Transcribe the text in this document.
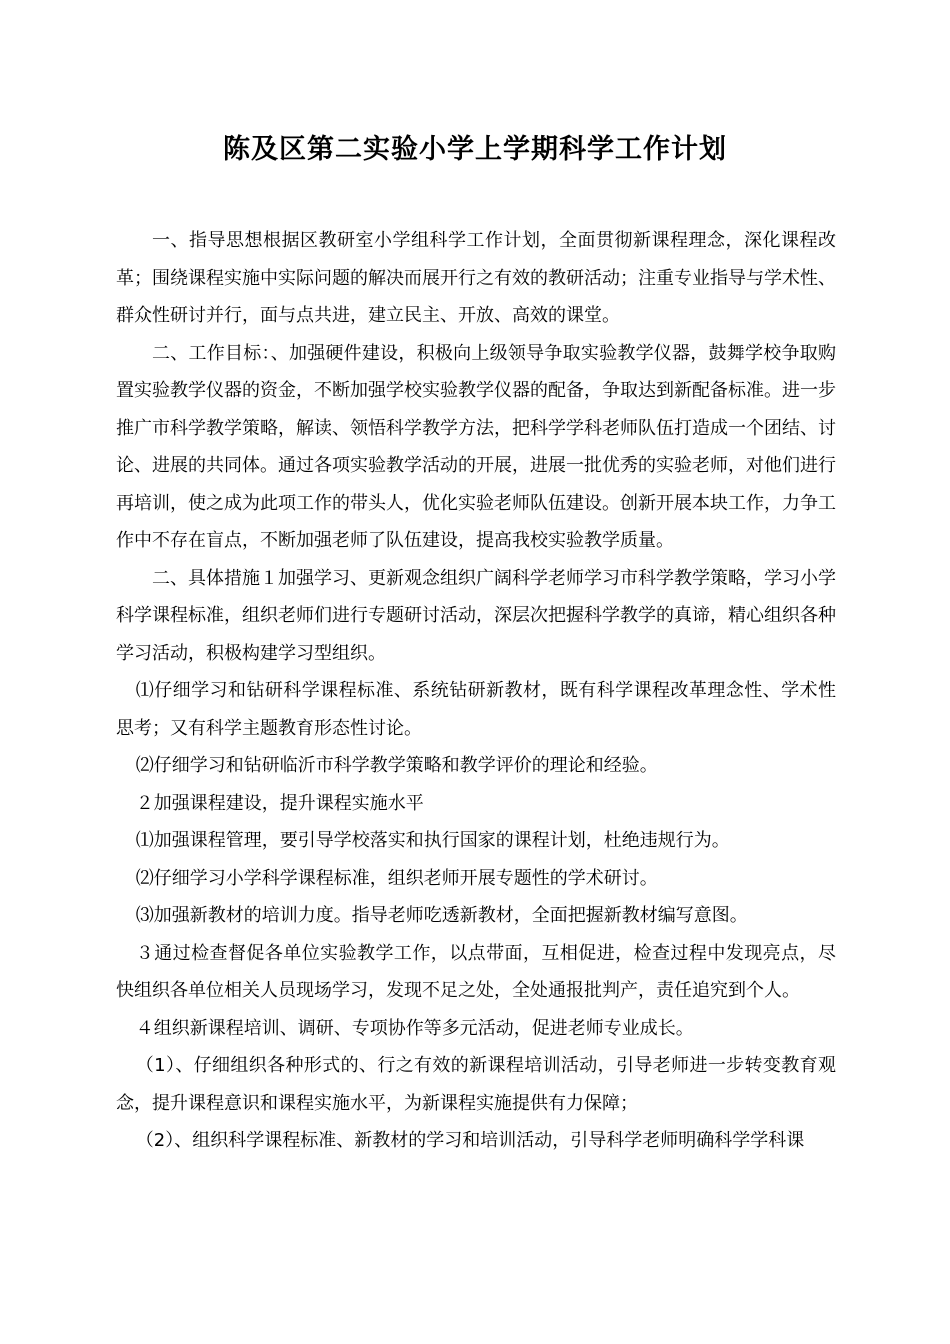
陈及区第二实验小学上学期科学工作计划

一、指导思想根据区教研室小学组科学工作计划，全面贯彻新课程理念，深化课程改革；围绕课程实施中实际问题的解决而展开行之有效的教研活动；注重专业指导与学术性、群众性研讨并行，面与点共进，建立民主、开放、高效的课堂。

二、工作目标：、加强硬件建设，积极向上级领导争取实验教学仪器，鼓舞学校争取购置实验教学仪器的资金，不断加强学校实验教学仪器的配备，争取达到新配备标准。进一步推广市科学教学策略，解读、领悟科学教学方法，把科学学科老师队伍打造成一个团结、讨论、进展的共同体。通过各项实验教学活动的开展，进展一批优秀的实验老师，对他们进行再培训，使之成为此项工作的带头人，优化实验老师队伍建设。创新开展本块工作，力争工作中不存在盲点，不断加强老师了队伍建设，提高我校实验教学质量。

二、具体措施１加强学习、更新观念组织广阔科学老师学习市科学教学策略，学习小学科学课程标准，组织老师们进行专题研讨活动，深层次把握科学教学的真谛，精心组织各种学习活动，积极构建学习型组织。

⑴仔细学习和钻研科学课程标准、系统钻研新教材，既有科学课程改革理念性、学术性思考；又有科学主题教育形态性讨论。

⑵仔细学习和钻研临沂市科学教学策略和教学评价的理论和经验。

２加强课程建设，提升课程实施水平

⑴加强课程管理，要引导学校落实和执行国家的课程计划，杜绝违规行为。

⑵仔细学习小学科学课程标准，组织老师开展专题性的学术研讨。

⑶加强新教材的培训力度。指导老师吃透新教材，全面把握新教材编写意图。

３通过检查督促各单位实验教学工作，以点带面，互相促进，检查过程中发现亮点，尽快组织各单位相关人员现场学习，发现不足之处，全处通报批判产，责任追究到个人。

４组织新课程培训、调研、专项协作等多元活动，促进老师专业成长。

（1）、仔细组织各种形式的、行之有效的新课程培训活动，引导老师进一步转变教育观念，提升课程意识和课程实施水平，为新课程实施提供有力保障；

（2）、组织科学课程标准、新教材的学习和培训活动，引导科学老师明确科学学科课
